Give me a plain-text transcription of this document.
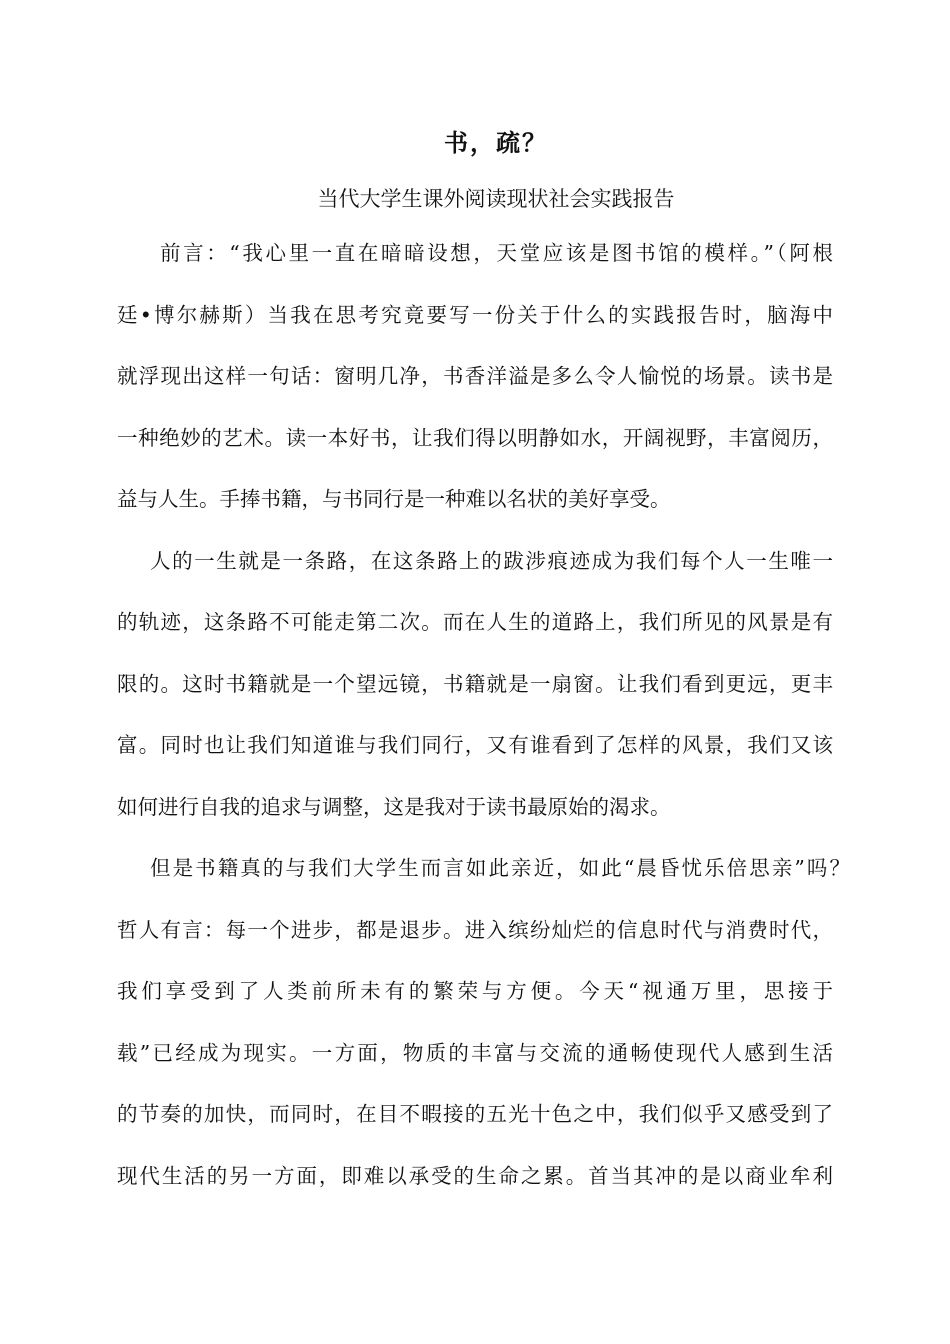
书，疏？
当代大学生课外阅读现状社会实践报告
前言：“我心里一直在暗暗设想，天堂应该是图书馆的模样。”（阿根
廷•博尔赫斯）当我在思考究竟要写一份关于什么的实践报告时，脑海中
就浮现出这样一句话：窗明几净，书香洋溢是多么令人愉悦的场景。读书是
一种绝妙的艺术。读一本好书，让我们得以明静如水，开阔视野，丰富阅历，
益与人生。手捧书籍，与书同行是一种难以名状的美好享受。
人的一生就是一条路，在这条路上的跋涉痕迹成为我们每个人一生唯一
的轨迹，这条路不可能走第二次。而在人生的道路上，我们所见的风景是有
限的。这时书籍就是一个望远镜，书籍就是一扇窗。让我们看到更远，更丰
富。同时也让我们知道谁与我们同行，又有谁看到了怎样的风景，我们又该
如何进行自我的追求与调整，这是我对于读书最原始的渴求。
但是书籍真的与我们大学生而言如此亲近，如此“晨昏忧乐倍思亲”吗？
哲人有言：每一个进步，都是退步。进入缤纷灿烂的信息时代与消费时代，
我们享受到了人类前所未有的繁荣与方便。今天“视通万里，思接于
载”已经成为现实。一方面，物质的丰富与交流的通畅使现代人感到生活
的节奏的加快，而同时，在目不暇接的五光十色之中，我们似乎又感受到了
现代生活的另一方面，即难以承受的生命之累。首当其冲的是以商业牟利
